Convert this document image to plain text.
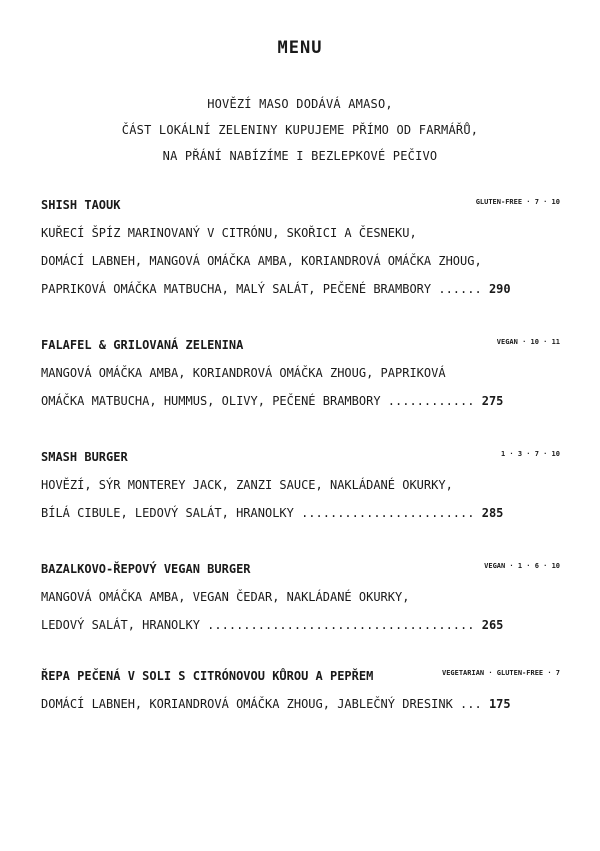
MENU
HOVĚZÍ MASO DODÁVÁ AMASO,
ČÁST LOKÁLNÍ ZELENINY KUPUJEME PŘÍMO OD FARMÁŘŮ,
NA PŘÁNÍ NABÍZÍME I BEZLEPKOVÉ PEČIVO
SHISH TAOUK	GLUTEN-FREE · 7 · 10
KUŘECÍ ŠPÍZ MARINOVANÝ V CITRÓNU, SKOŘICI A ČESNEKU,
DOMÁCÍ LABNEH, MANGOVÁ OMÁČKA AMBA, KORIANDROVÁ OMÁČKA ZHOUG,
PAPRIKOVÁ OMÁČKA MATBUCHA, MALÝ SALÁT, PEČENÉ BRAMBORY ...... 290
FALAFEL & GRILOVANÁ ZELENINA	VEGAN · 10 · 11
MANGOVÁ OMÁČKA AMBA, KORIANDROVÁ OMÁČKA ZHOUG, PAPRIKOVÁ
OMÁČKA MATBUCHA, HUMMUS, OLIVY, PEČENÉ BRAMBORY ............ 275
SMASH BURGER	1 · 3 · 7 · 10
HOVĚZÍ, SÝR MONTEREY JACK, ZANZI SAUCE, NAKLÁDANÉ OKURKY,
BÍLÁ CIBULE, LEDOVÝ SALÁT, HRANOLKY ........................ 285
BAZALKOVO-ŘEPOVÝ VEGAN BURGER	VEGAN · 1 · 6 · 10
MANGOVÁ OMÁČKA AMBA, VEGAN ČEDAR, NAKLÁDANÉ OKURKY,
LEDOVÝ SALÁT, HRANOLKY ..................................... 265
ŘEPA PEČENÁ V SOLI S CITRÓNOVOU KŮROU A PEPŘEM	VEGETARIAN · GLUTEN-FREE · 7
DOMÁCÍ LABNEH, KORIANDROVÁ OMÁČKA ZHOUG, JABLEČNÝ DRESINK ... 175
